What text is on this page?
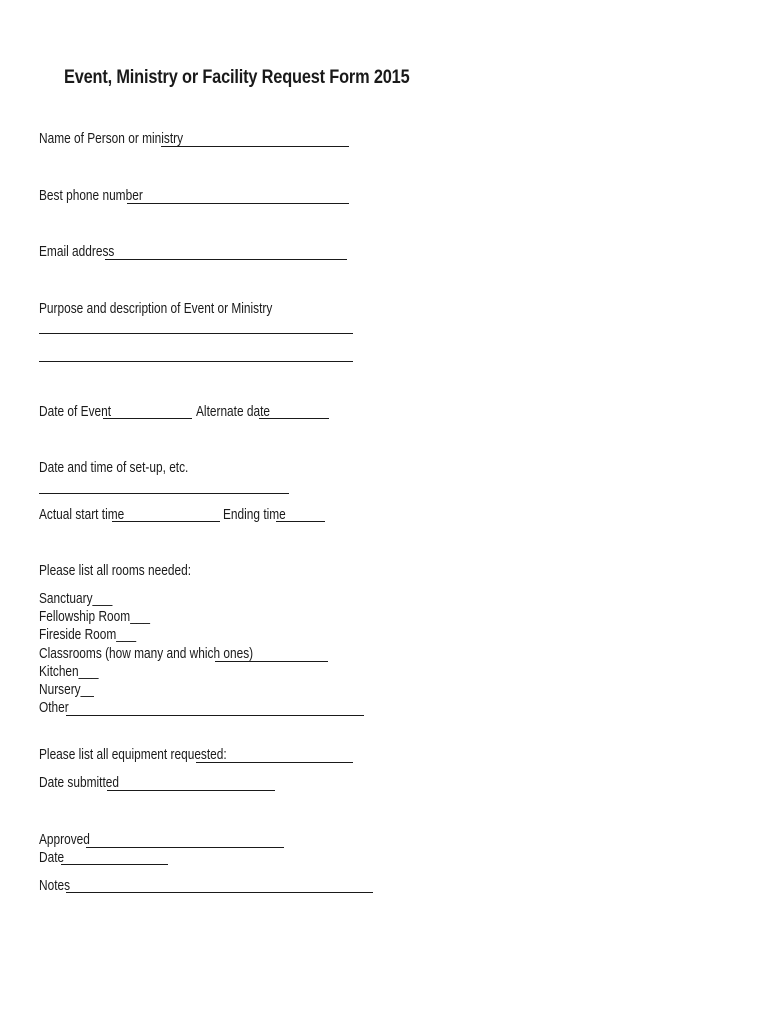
Event, Ministry or Facility Request Form 2015
Name of Person or ministry
Best phone number
Email address
Purpose and description of Event or Ministry
Date of Event	Alternate date
Date and time of set-up, etc.
Actual start time	Ending time
Please list all rooms needed:
Sanctuary___
Fellowship Room___
Fireside Room___
Classrooms (how many and which ones)
Kitchen___
Nursery__
Other
Please list all equipment requested:
Date submitted
Approved
Date
Notes
